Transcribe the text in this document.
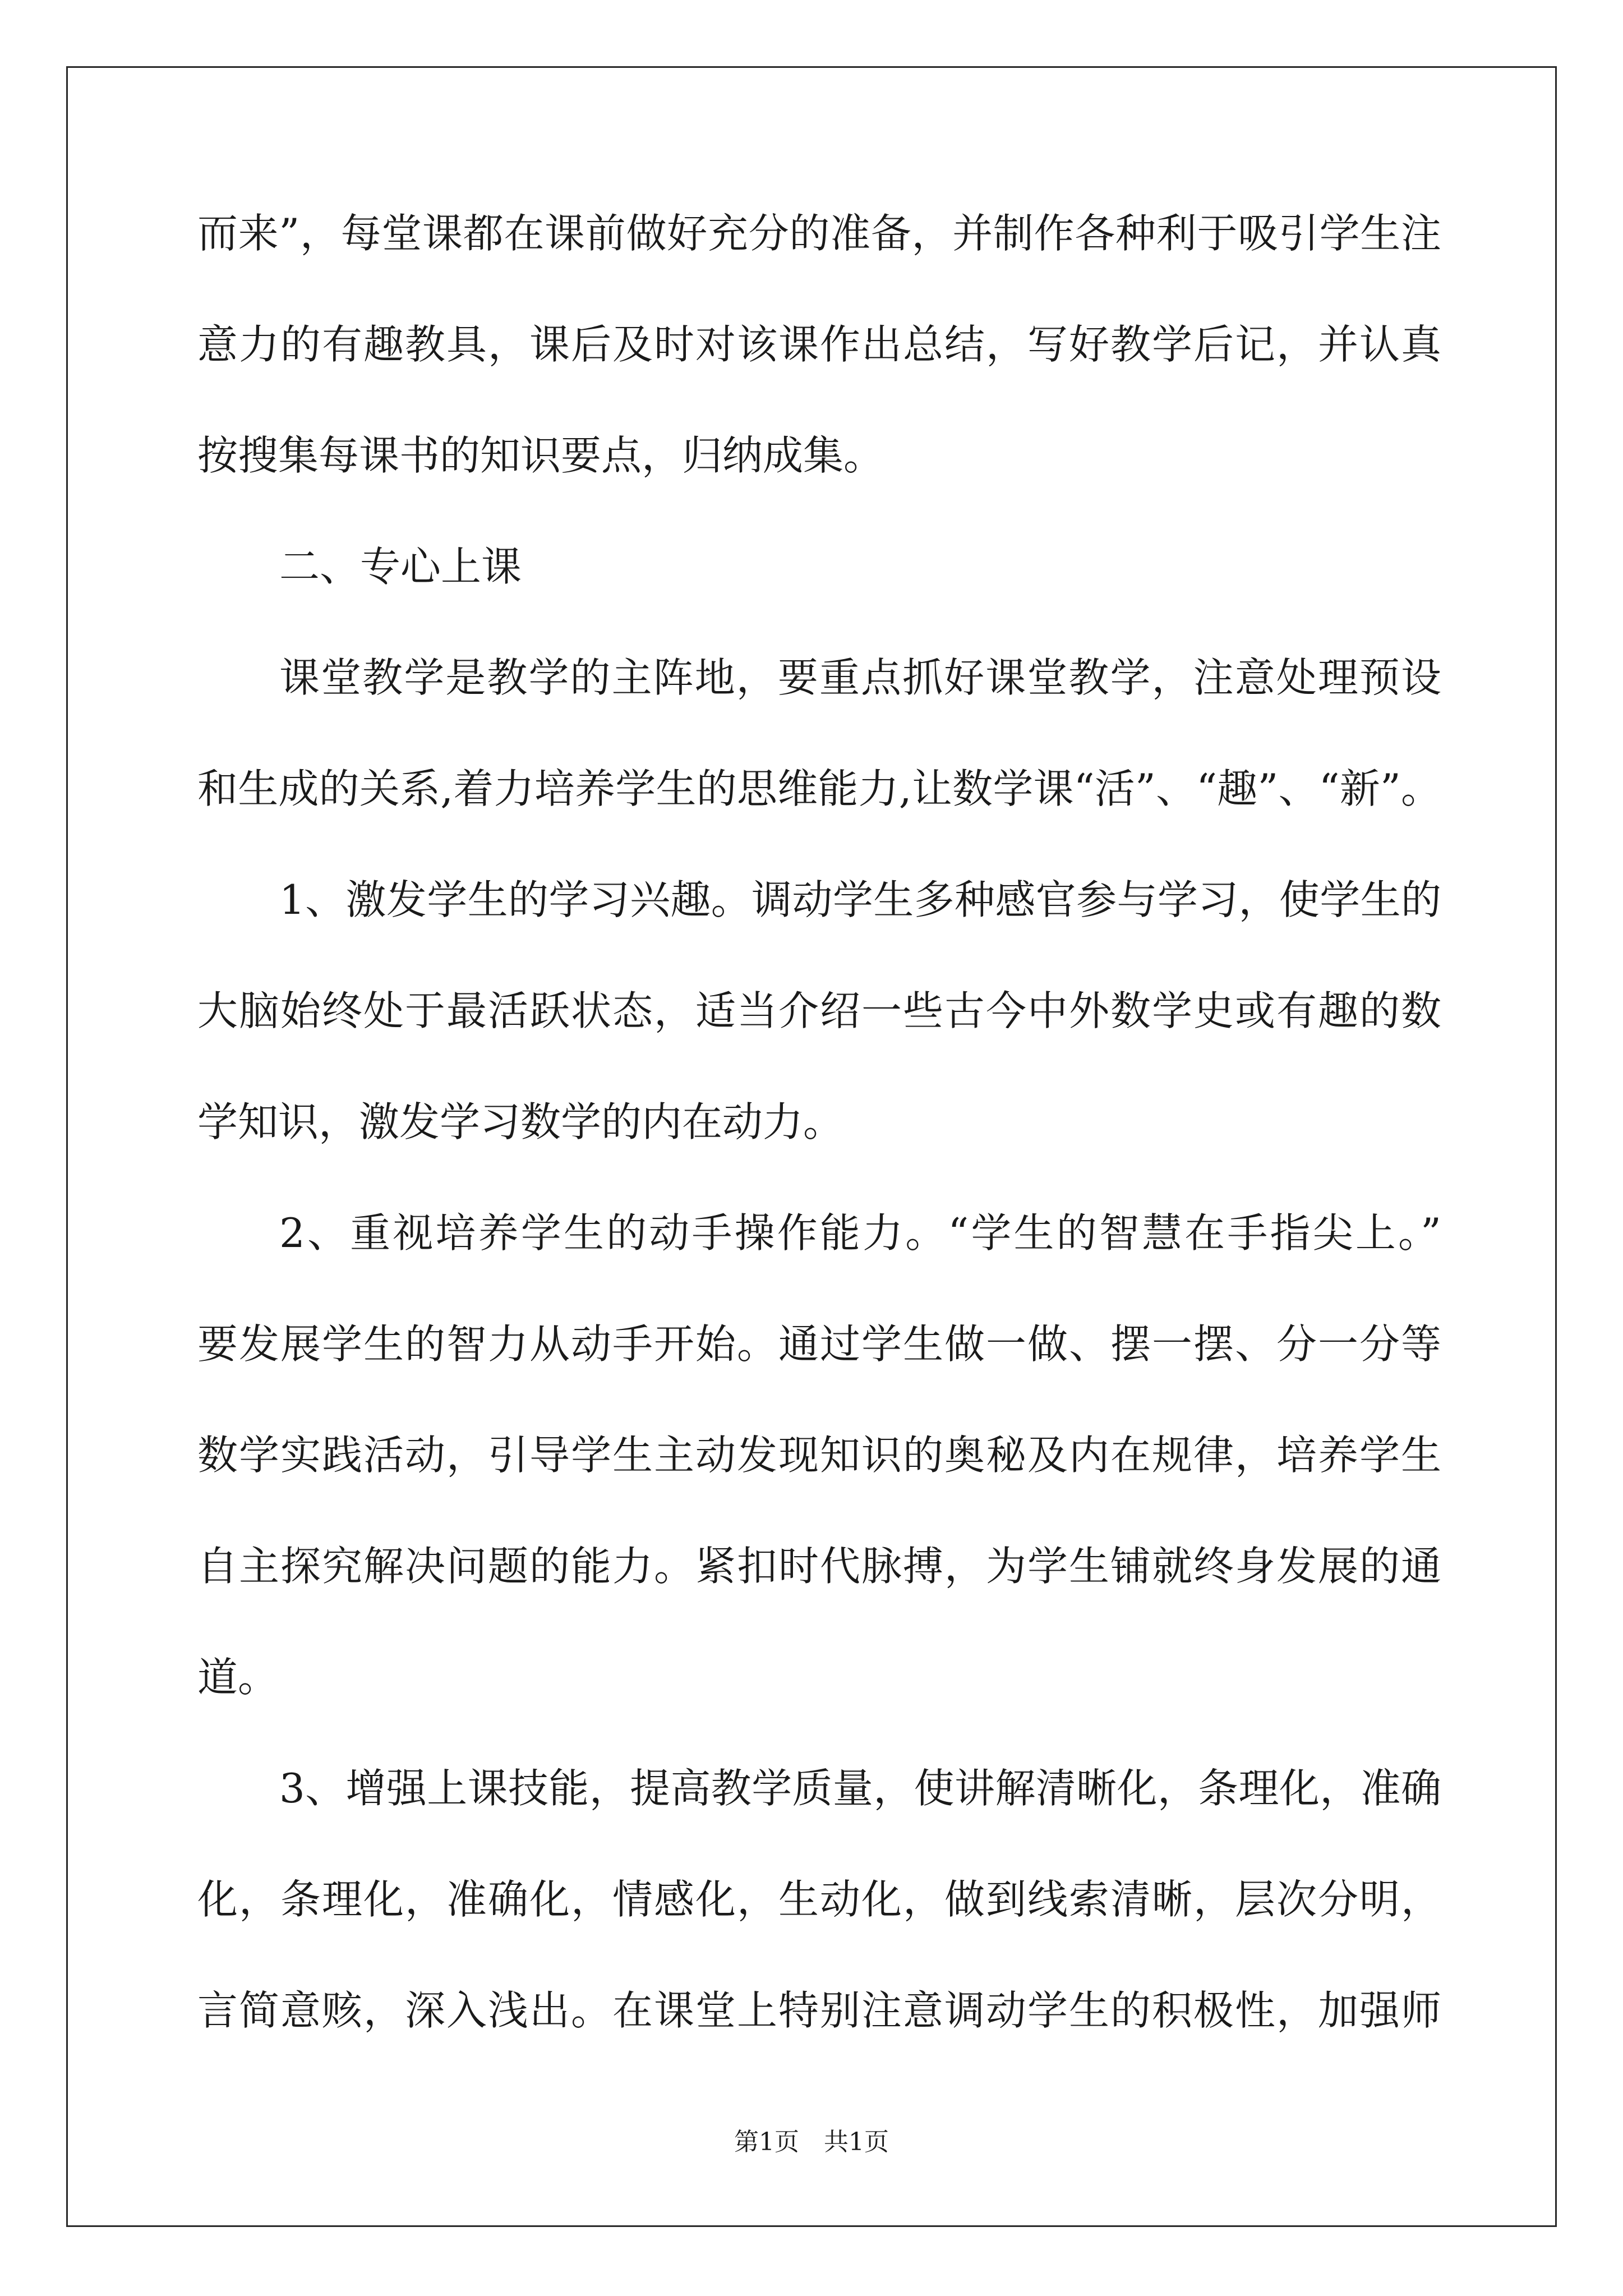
而来”，每堂课都在课前做好充分的准备，并制作各种利于吸引学生注
意力的有趣教具，课后及时对该课作出总结，写好教学后记，并认真
按搜集每课书的知识要点，归纳成集。
二、专心上课
课堂教学是教学的主阵地，要重点抓好课堂教学，注意处理预设
和生成的关系,着力培养学生的思维能力,让数学课“活”、“趣”、“新”。
1、激发学生的学习兴趣。调动学生多种感官参与学习，使学生的
大脑始终处于最活跃状态，适当介绍一些古今中外数学史或有趣的数
学知识，激发学习数学的内在动力。
2、重视培养学生的动手操作能力。“学生的智慧在手指尖上。”
要发展学生的智力从动手开始。通过学生做一做、摆一摆、分一分等
数学实践活动，引导学生主动发现知识的奥秘及内在规律，培养学生
自主探究解决问题的能力。紧扣时代脉搏，为学生铺就终身发展的通
道。
3、增强上课技能，提高教学质量，使讲解清晰化，条理化，准确
化，条理化，准确化，情感化，生动化，做到线索清晰，层次分明，
言简意赅，深入浅出。在课堂上特别注意调动学生的积极性，加强师
第1页　共1页
